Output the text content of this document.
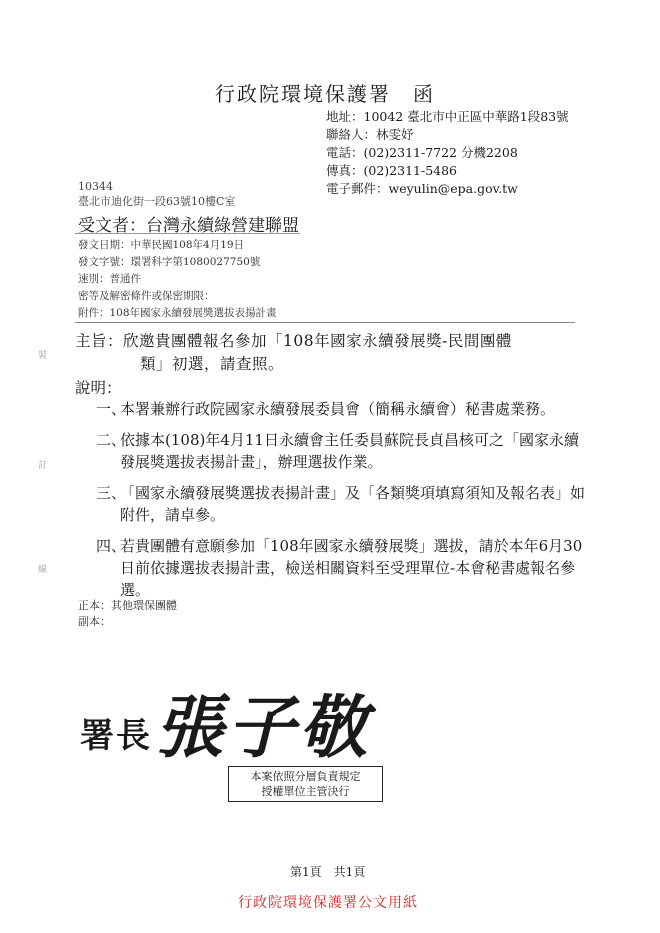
裝
訂
線
行政院環境保護署　函
地址：10042 臺北市中正區中華路1段83號
聯絡人：林雯妤
電話：(02)2311-7722 分機2208
傳真：(02)2311-5486
電子郵件：weyulin@epa.gov.tw
10344
臺北市迪化街一段63號10樓C室
受文者：台灣永續綠營建聯盟
發文日期：中華民國108年4月19日
發文字號：環署科字第1080027750號
速別：普通件
密等及解密條件或保密期限：
附件：108年國家永續發展獎選拔表揚計畫
主旨：欣邀貴團體報名參加「108年國家永續發展獎-民間團體
類」初選，請查照。
說明：
一、
本署兼辦行政院國家永續發展委員會（簡稱永續會）秘書處業務。
二、
依據本(108)年4月11日永續會主任委員蘇院長貞昌核可之「國家永續發展獎選拔表揚計畫」，辦理選拔作業。
三、
「國家永續發展獎選拔表揚計畫」及「各類獎項填寫須知及報名表」如附件，請卓參。
四、
若貴團體有意願參加「108年國家永續發展獎」選拔，請於本年6月30日前依據選拔表揚計畫，檢送相關資料至受理單位-本會秘書處報名參選。
正本：其他環保團體
副本：
署長 張子敬
本案依照分層負責規定
授權單位主管決行
第1頁　共1頁
行政院環境保護署公文用紙
